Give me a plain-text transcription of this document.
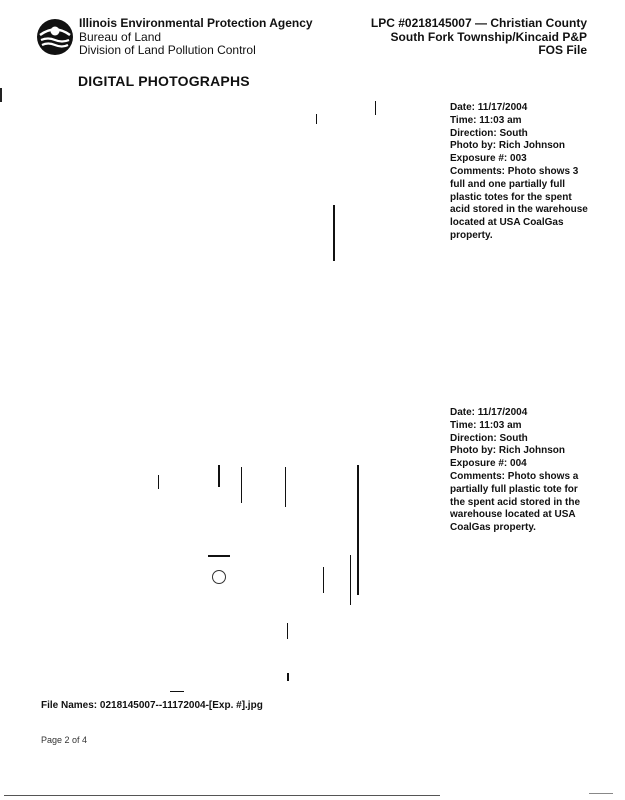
Illinois Environmental Protection Agency
Bureau of Land
Division of Land Pollution Control
LPC #0218145007 — Christian County
South Fork Township/Kincaid P&P
FOS File
DIGITAL PHOTOGRAPHS
Date: 11/17/2004
Time: 11:03 am
Direction: South
Photo by: Rich Johnson
Exposure #: 003
Comments: Photo shows 3 full and one partially full plastic totes for the spent acid stored in the warehouse located at USA CoalGas property.
Date: 11/17/2004
Time: 11:03 am
Direction: South
Photo by: Rich Johnson
Exposure #: 004
Comments: Photo shows a partially full plastic tote for the spent acid stored in the warehouse located at USA CoalGas property.
File Names: 0218145007--11172004-[Exp. #].jpg
Page 2 of 4
